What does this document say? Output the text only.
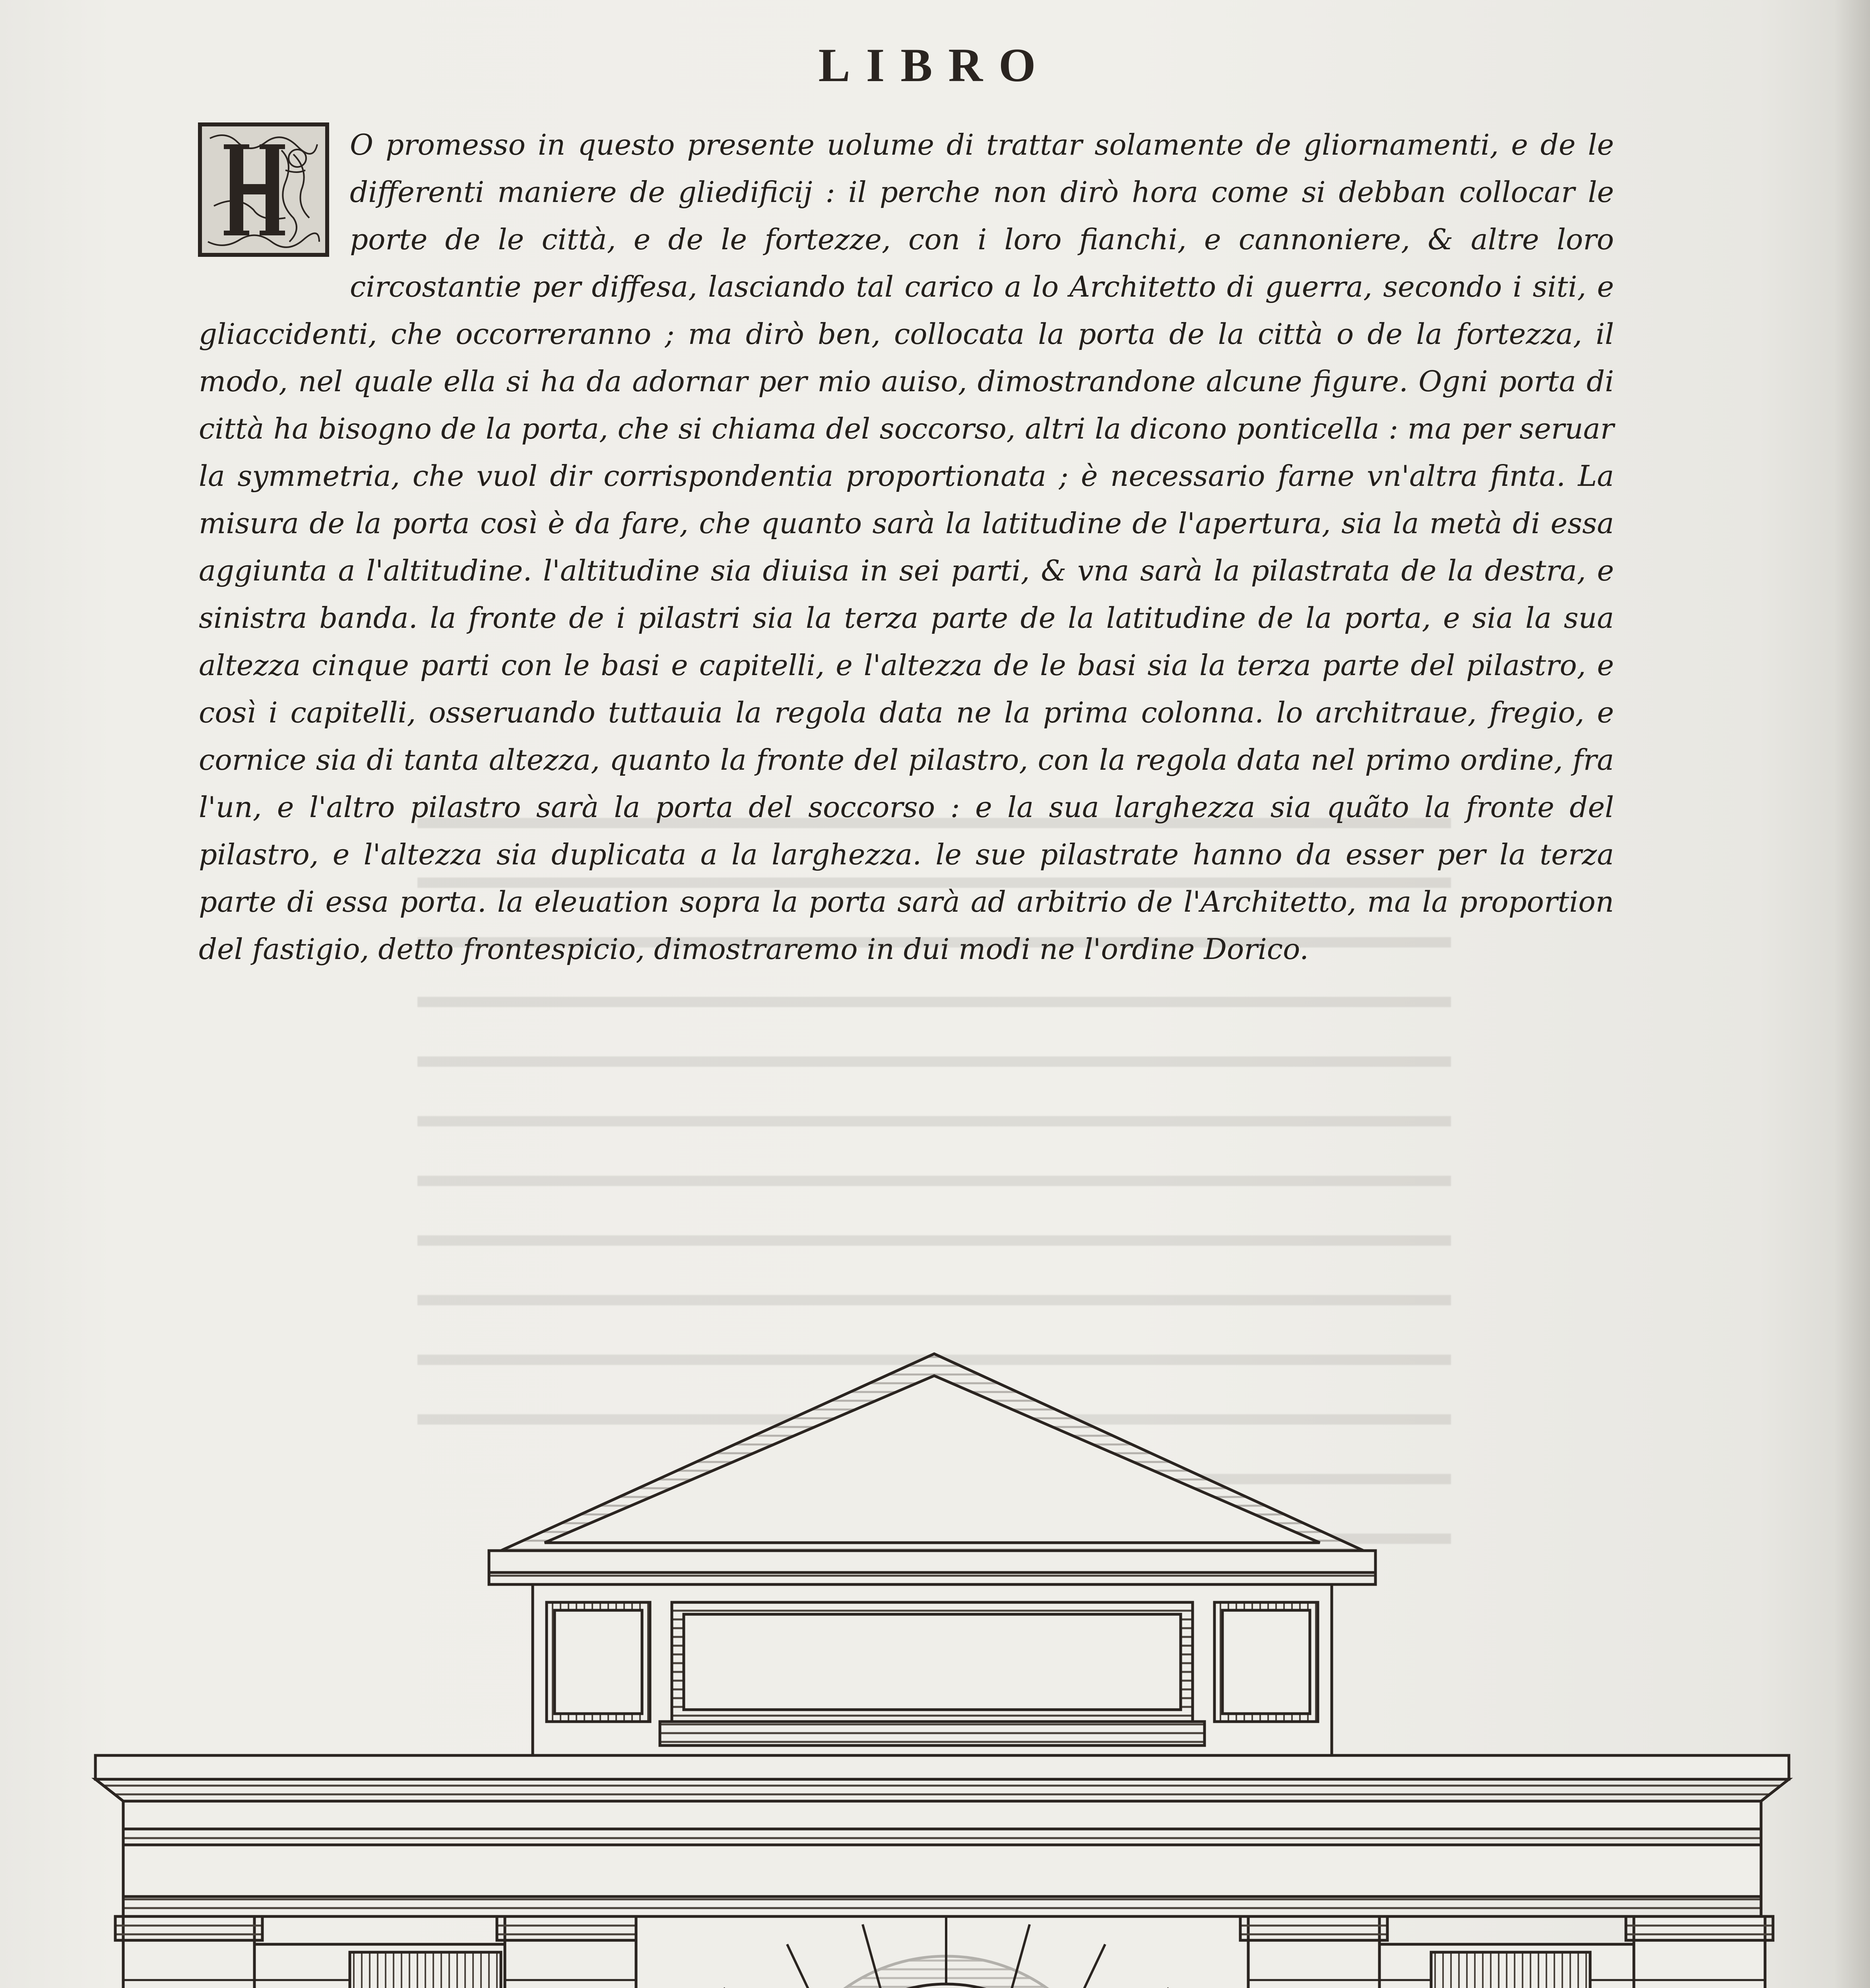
LIBRO
O promesso in questo presente uolume di trattar solamente de gliornamenti, e de le differenti maniere de gliedificij : il perche non dirò hora come si debban collocar le porte de le città, e de le fortezze, con i loro fianchi, e cannoniere, & altre loro circostantie per diffesa, lasciando tal carico a lo Architetto di guerra, secondo i siti, e gliaccidenti, che occorreranno ; ma dirò ben, collocata la porta de la città o de la fortezza, il modo, nel quale ella si ha da adornar per mio auiso, dimostrandone alcune figure. Ogni porta di città ha bisogno de la porta, che si chiama del soccorso, altri la dicono ponticella : ma per seruar la symmetria, che vuol dir corrispondentia proportionata ; è necessario farne vn'altra finta. La misura de la porta così è da fare, che quanto sarà la latitudine de l'apertura, sia la metà di essa aggiunta a l'altitudine. l'altitudine sia diuisa in sei parti, & vna sarà la pilastrata de la destra, e sinistra banda. la fronte de i pilastri sia la terza parte de la latitudine de la porta, e sia la sua altezza cinque parti con le basi e capitelli, e l'altezza de le basi sia la terza parte del pilastro, e così i capitelli, osseruando tuttauia la regola data ne la prima colonna. lo architraue, fregio, e cornice sia di tanta altezza, quanto la fronte del pilastro, con la regola data nel primo ordine, fra l'un, e l'altro pilastro sarà la porta del soccorso : e la sua larghezza sia quãto la fronte del pilastro, e l'altezza sia duplicata a la larghezza. le sue pilastrate hanno da esser per la terza parte di essa porta. la eleuation sopra la porta sarà ad arbitrio de l'Architetto, ma la proportion del fastigio, detto frontespicio, dimostraremo in dui modi ne l'ordine Dorico.
